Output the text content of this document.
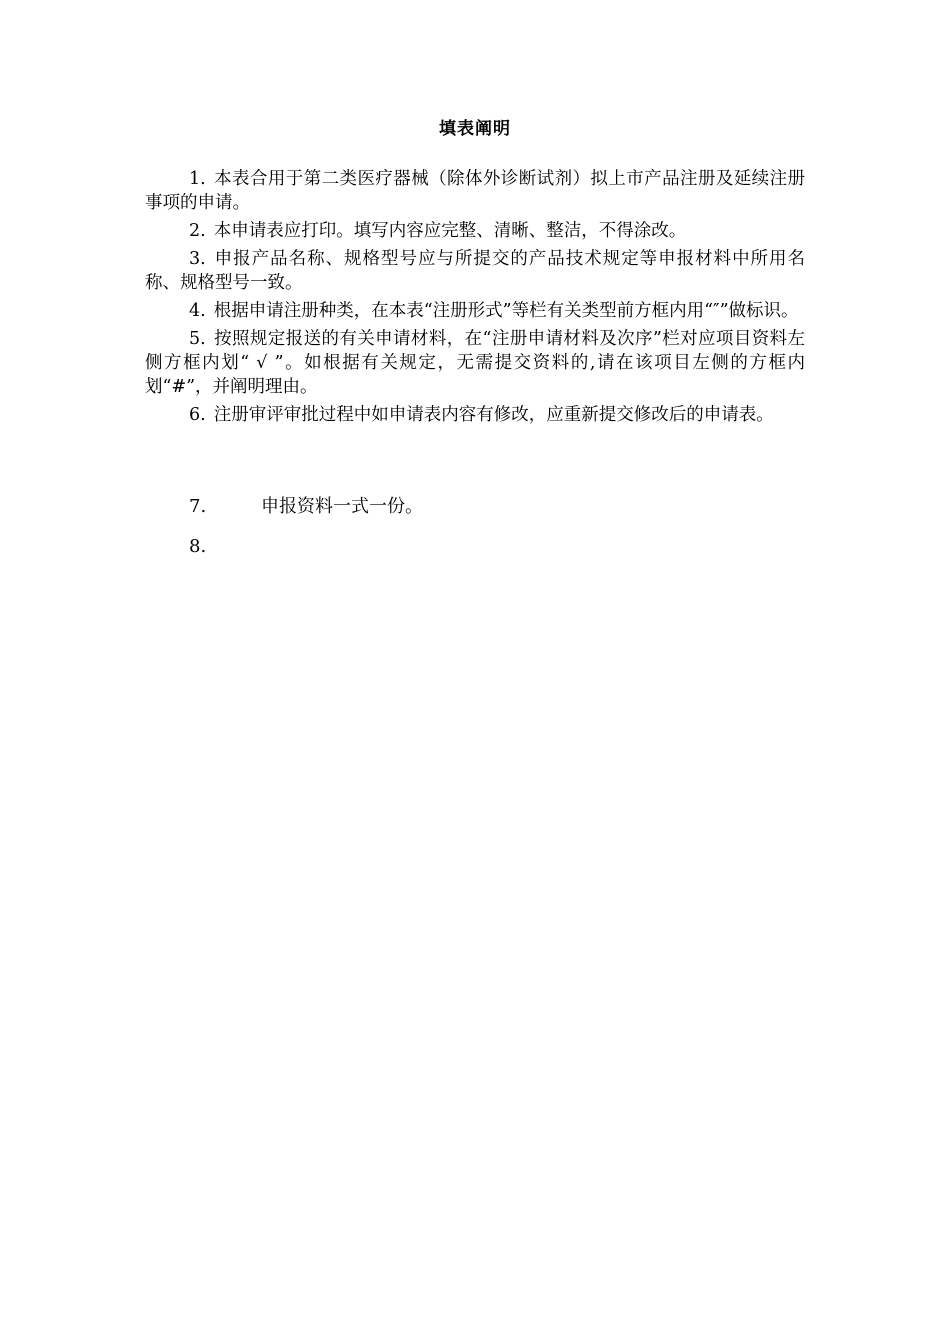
填表阐明

1. 本表合用于第二类医疗器械（除体外诊断试剂）拟上市产品注册及延续注册事项的申请。

2. 本申请表应打印。填写内容应完整、清晰、整洁，不得涂改。

3. 申报产品名称、规格型号应与所提交的产品技术规定等申报材料中所用名称、规格型号一致。

4. 根据申请注册种类，在本表“注册形式”等栏有关类型前方框内用“″”做标识。

5. 按照规定报送的有关申请材料，在“注册申请材料及次序”栏对应项目资料左侧方框内划“ √ ”。如根据有关规定，无需提交资料的,请在该项目左侧的方框内划“#”，并阐明理由。

6. 注册审评审批过程中如申请表内容有修改，应重新提交修改后的申请表。

7.	申报资料一式一份。
8.
